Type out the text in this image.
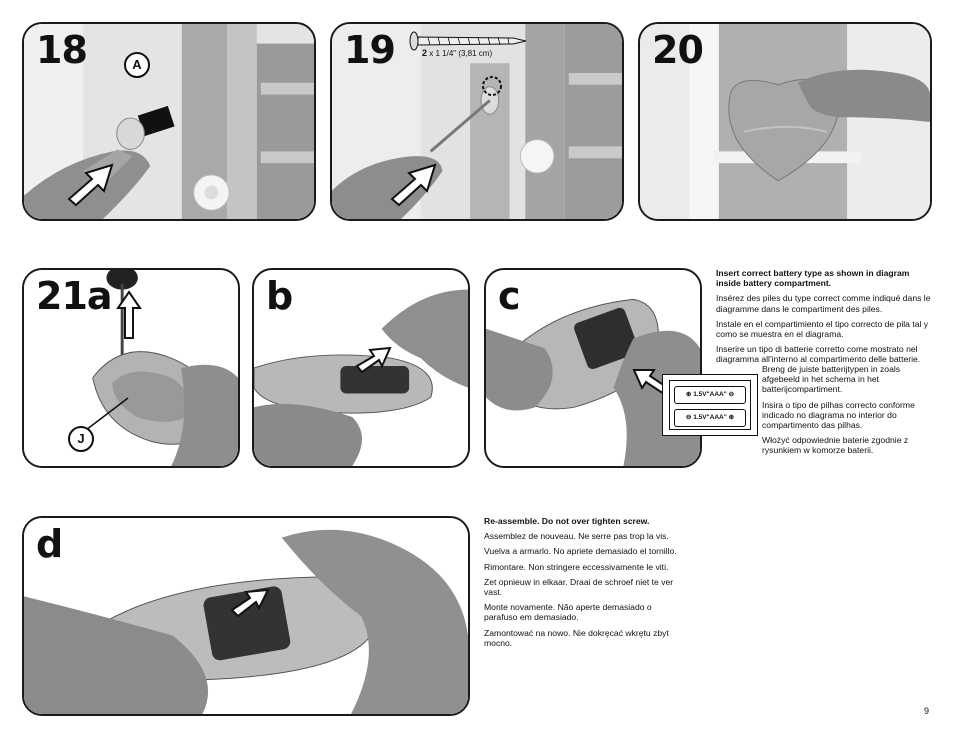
18	A	19	2 x 1 1/4" (3,81 cm)	20
21a
J
b	c
⊕ 1.5V"AAA" ⊖
⊖ 1.5V"AAA" ⊕

Insert correct battery type as shown in diagram inside battery compartment.

Insérez des piles du type correct comme indiqué dans le diagramme dans le compartiment des piles.

Instale en el compartimiento el tipo correcto de pila tal y como se muestra en el diagrama.

Inserire un tipo di batterie corretto come mostrato nel diagramma all'interno al compartimento delle batterie.

Breng de juiste batterijtypen in zoals afgebeeld in het schema in het batterijcompartiment.

Insira o tipo de pilhas correcto conforme indicado no diagrama no interior do compartimento das pilhas.

Włożyć odpowiednie baterie zgodnie z rysunkiem w komorze baterii.

d

Re-assemble. Do not over tighten screw.

Assemblez de nouveau. Ne serre pas trop la vis.

Vuelva a armarlo. No apriete demasiado el tornillo.

Rimontare. Non stringere eccessivamente le viti.

Zet opnieuw in elkaar. Draai de schroef niet te ver vast.

Monte novamente. Não aperte demasiado o parafuso em demasiado.

Zamontować na nowo. Nie dokręcać wkrętu zbyt mocno.

9
